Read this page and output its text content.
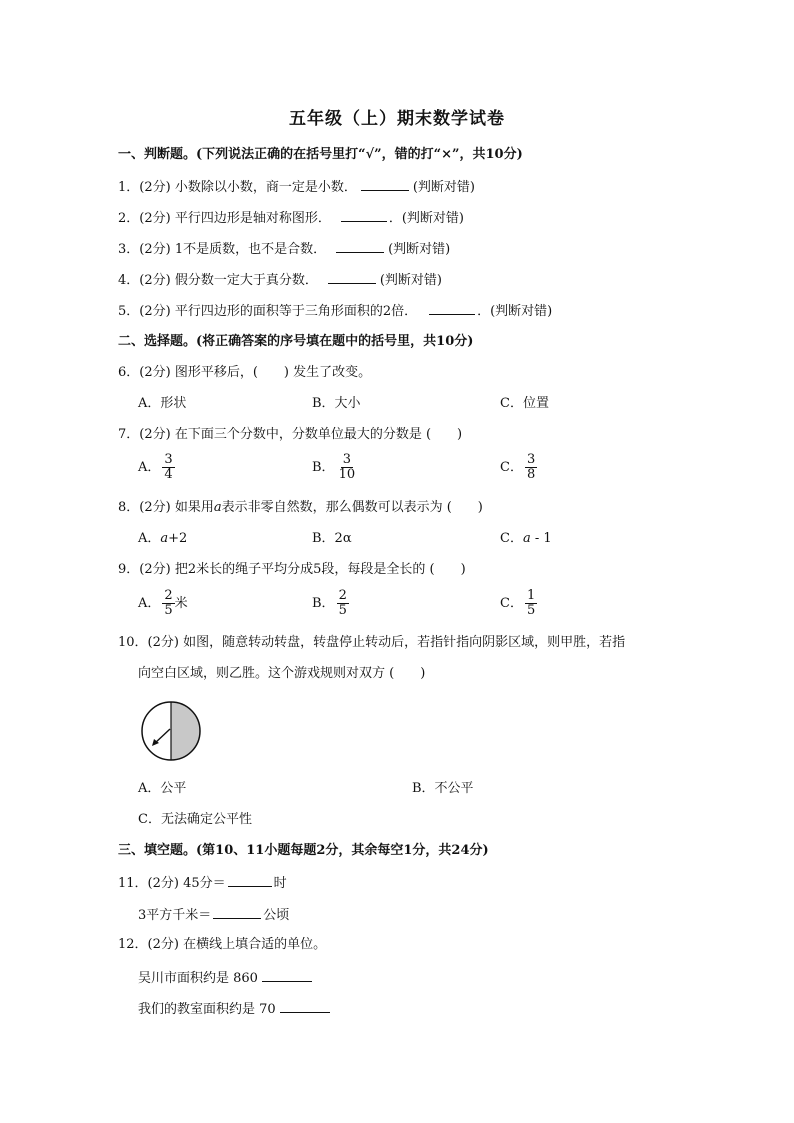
五年级（上）期末数学试卷
一、判断题。(下列说法正确的在括号里打“√”，错的打“×”，共10分)
1．(2分) 小数除以小数，商一定是小数．	(判断对错)
2．(2分) 平行四边形是轴对称图形．	．(判断对错)
3．(2分) 1不是质数，也不是合数．	(判断对错)
4．(2分) 假分数一定大于真分数．	(判断对错)
5．(2分) 平行四边形的面积等于三角形面积的2倍．	．(判断对错)
二、选择题。(将正确答案的序号填在题中的括号里，共10分)
6．(2分) 图形平移后，(　　) 发生了改变。
A．形状	B．大小	C．位置
7．(2分) 在下面三个分数中，分数单位最大的分数是 (　　)
A． $\frac{3}{4}$	B． $\frac{3}{10}$	C． $\frac{3}{8}$
8．(2分) 如果用a表示非零自然数，那么偶数可以表示为 (　　)
A．a+2	B．2α	C．a - 1
9．(2分) 把2米长的绳子平均分成5段，每段是全长的 (　　)
A． $\frac{2}{5}$ 米	B． $\frac{2}{5}$	C． $\frac{1}{5}$
10．(2分) 如图，随意转动转盘，转盘停止转动后，若指针指向阴影区域，则甲胜，若指
向空白区域，则乙胜。这个游戏规则对双方 (　　)
A．公平	B．不公平
C．无法确定公平性
三、填空题。(第10、11小题每题2分，其余每空1分，共24分)
11．(2分) 45分＝	时
3平方千米＝	公顷
12．(2分) 在横线上填合适的单位。
吴川市面积约是 860
我们的教室面积约是 70
